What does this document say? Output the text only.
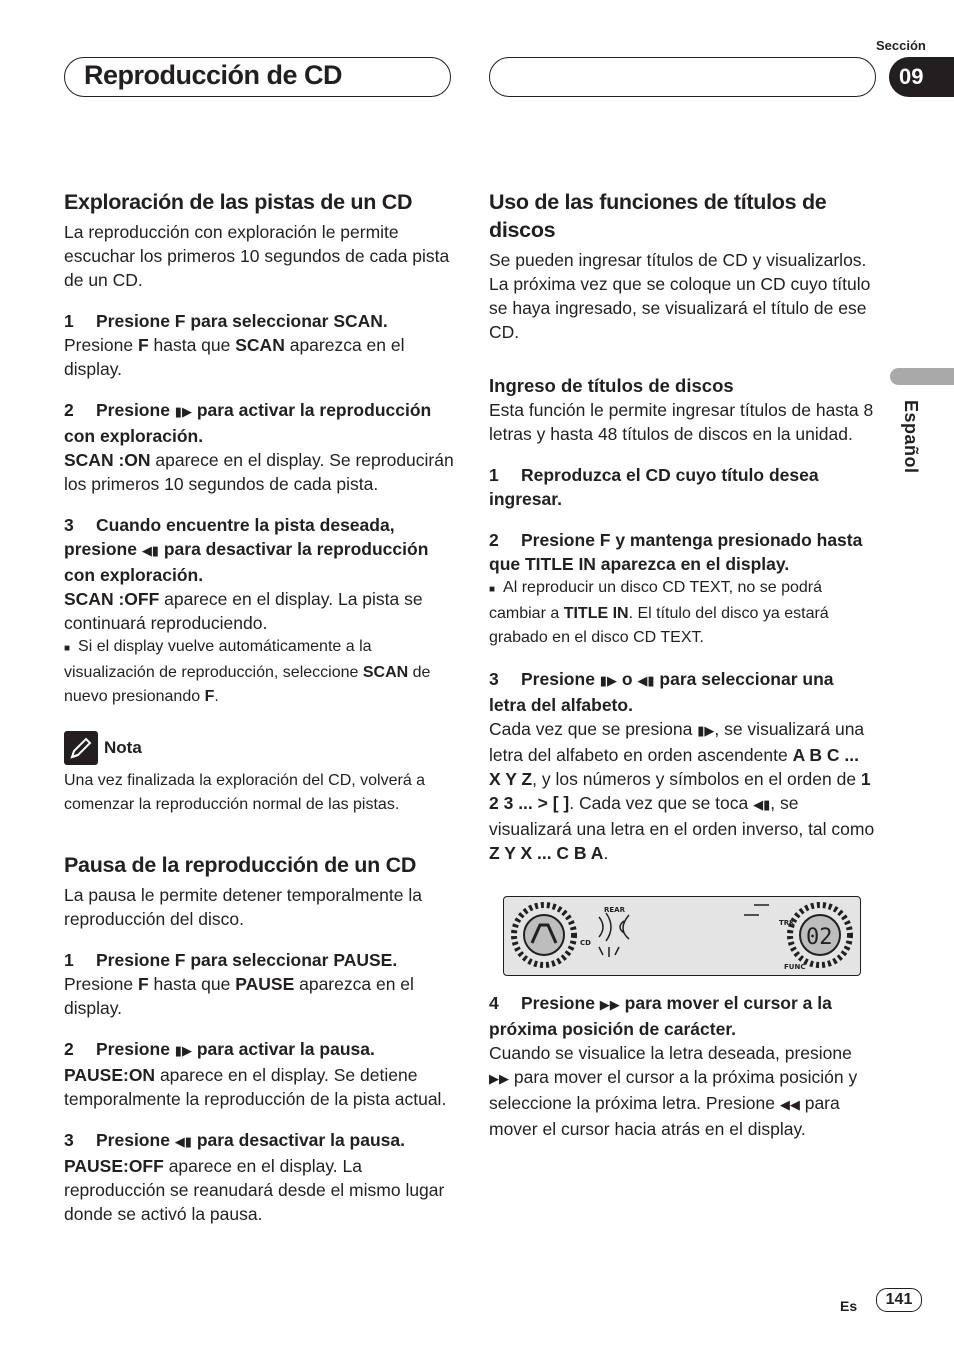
Reproducción de CD
Sección
09
Español
Exploración de las pistas de un CD

La reproducción con exploración le permite escuchar los primeros 10 segundos de cada pista de un CD.

1 Presione F para seleccionar SCAN.

Presione F hasta que SCAN aparezca en el display.

2 Presione ▮▶ para activar la reproducción con exploración.

SCAN :ON aparece en el display. Se reproducirán los primeros 10 segundos de cada pista.

3 Cuando encuentre la pista deseada, presione ◀▮ para desactivar la reproducción con exploración.

SCAN :OFF aparece en el display. La pista se continuará reproduciendo.

■ Si el display vuelve automáticamente a la visualización de reproducción, seleccione SCAN de nuevo presionando F.

Nota

Una vez finalizada la exploración del CD, volverá a comenzar la reproducción normal de las pistas.

Pausa de la reproducción de un CD

La pausa le permite detener temporalmente la reproducción del disco.

1 Presione F para seleccionar PAUSE.

Presione F hasta que PAUSE aparezca en el display.

2 Presione ▮▶ para activar la pausa.

PAUSE:ON aparece en el display. Se detiene temporalmente la reproducción de la pista actual.

3 Presione ◀▮ para desactivar la pausa.

PAUSE:OFF aparece en el display. La reproducción se reanudará desde el mismo lugar donde se activó la pausa.

Uso de las funciones de títulos de discos

Se pueden ingresar títulos de CD y visualizarlos. La próxima vez que se coloque un CD cuyo título se haya ingresado, se visualizará el título de ese CD.

Ingreso de títulos de discos

Esta función le permite ingresar títulos de hasta 8 letras y hasta 48 títulos de discos en la unidad.

1 Reproduzca el CD cuyo título desea ingresar.

2 Presione F y mantenga presionado hasta que TITLE IN aparezca en el display.

■ Al reproducir un disco CD TEXT, no se podrá cambiar a TITLE IN. El título del disco ya estará grabado en el disco CD TEXT.

3 Presione ▮▶ o ◀▮ para seleccionar una letra del alfabeto.

Cada vez que se presiona ▮▶, se visualizará una letra del alfabeto en orden ascendente A B C ... X Y Z, y los números y símbolos en el orden de 1 2 3 ... > [ ]. Cada vez que se toca ◀▮, se visualizará una letra en el orden inverso, tal como Z Y X ... C B A.

4 Presione ▶▶ para mover el cursor a la próxima posición de carácter.

Cuando se visualice la letra deseada, presione ▶▶ para mover el cursor a la próxima posición y seleccione la próxima letra. Presione ◀◀ para mover el cursor hacia atrás en el display.

REAR
CD
TRK
FUNC
02
Es	141
